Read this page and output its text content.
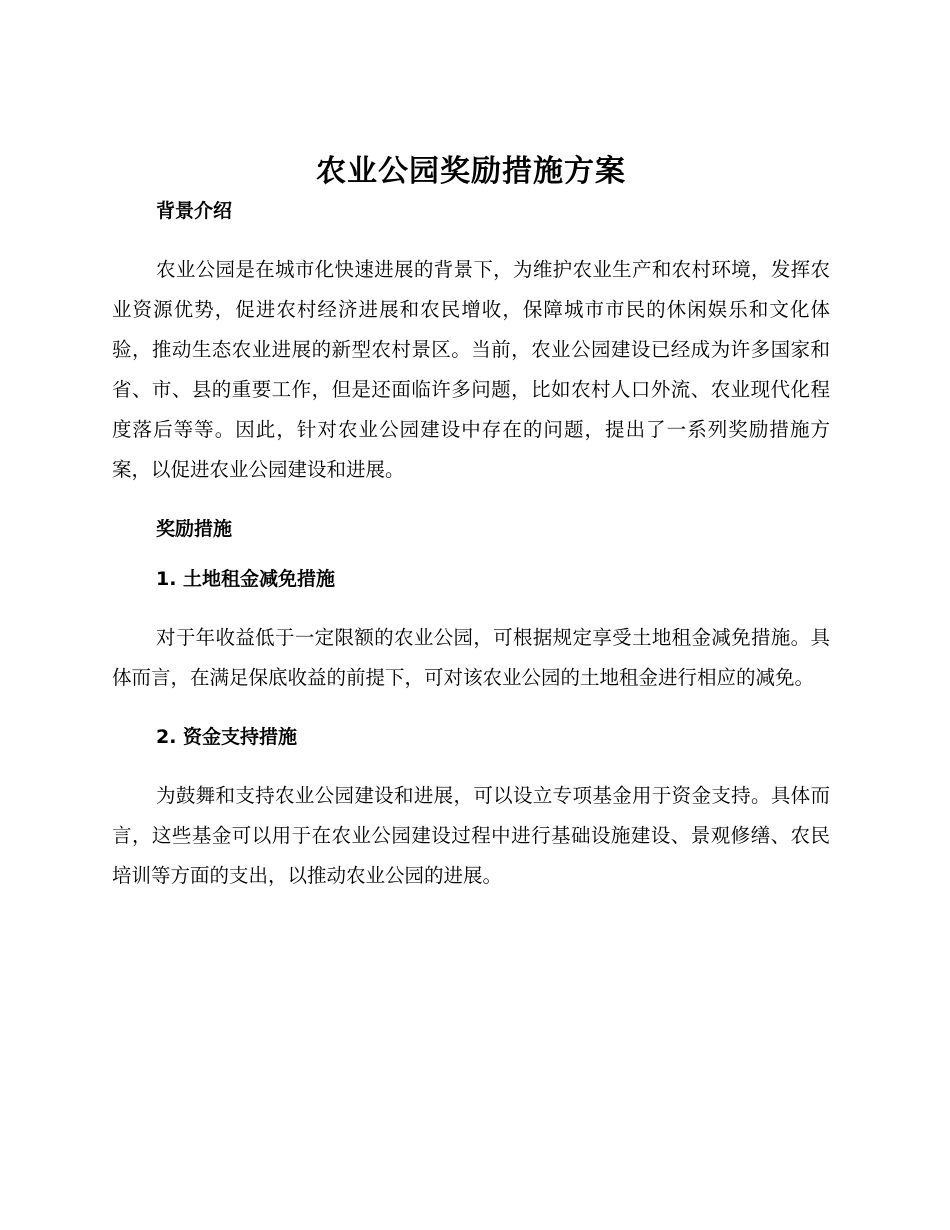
农业公园奖励措施方案
背景介绍

农业公园是在城市化快速进展的背景下，为维护农业生产和农村环境，发挥农业资源优势，促进农村经济进展和农民增收，保障城市市民的休闲娱乐和文化体验，推动生态农业进展的新型农村景区。当前，农业公园建设已经成为许多国家和省、市、县的重要工作，但是还面临许多问题，比如农村人口外流、农业现代化程度落后等等。因此，针对农业公园建设中存在的问题，提出了一系列奖励措施方案，以促进农业公园建设和进展。

奖励措施
1. 土地租金减免措施

对于年收益低于一定限额的农业公园，可根据规定享受土地租金减免措施。具体而言，在满足保底收益的前提下，可对该农业公园的土地租金进行相应的减免。

2. 资金支持措施

为鼓舞和支持农业公园建设和进展，可以设立专项基金用于资金支持。具体而言，这些基金可以用于在农业公园建设过程中进行基础设施建设、景观修缮、农民培训等方面的支出，以推动农业公园的进展。
